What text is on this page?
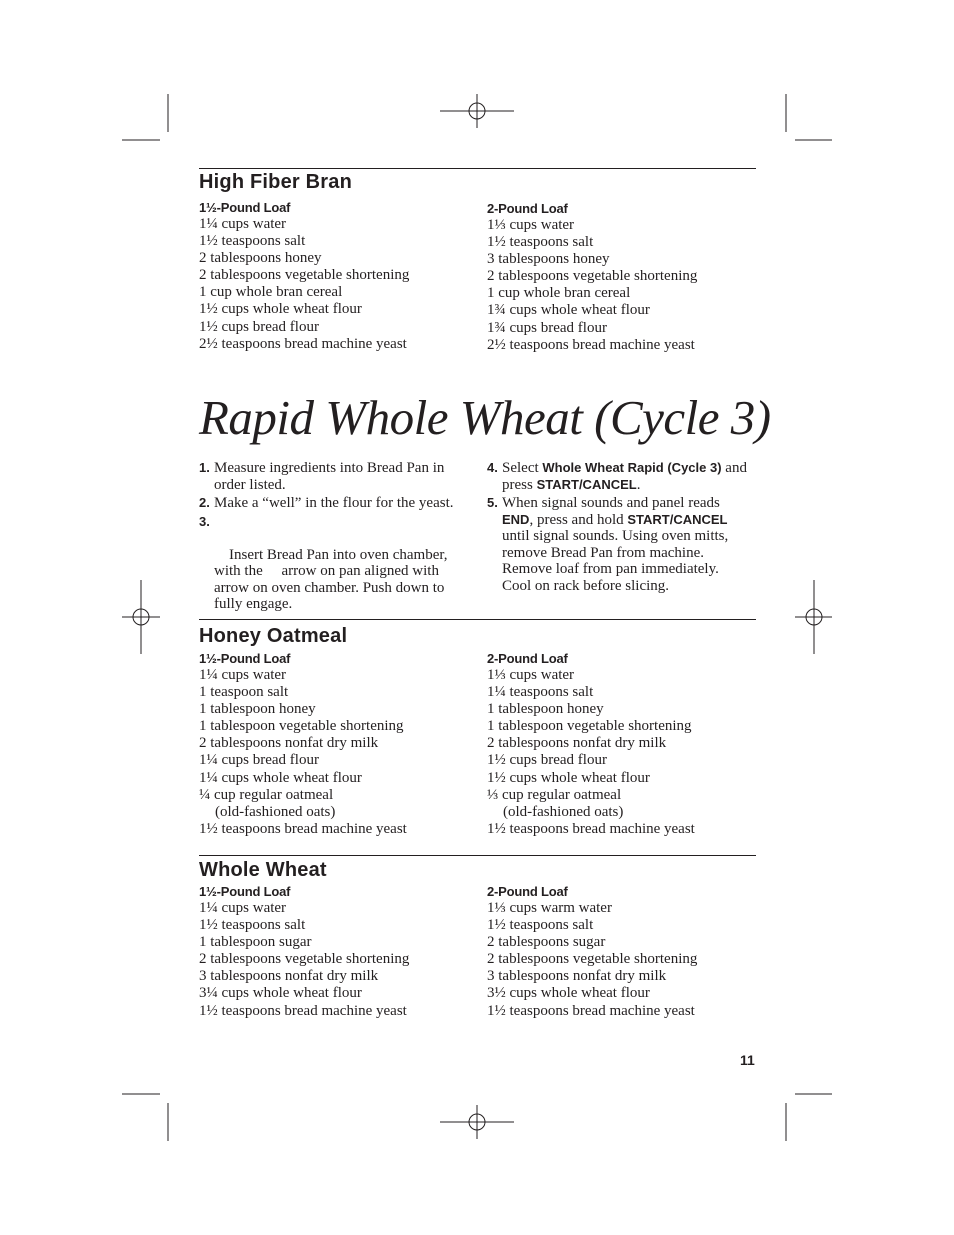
High Fiber Bran
1½-Pound Loaf
1¼ cups water
1½ teaspoons salt
2 tablespoons honey
2 tablespoons vegetable shortening
1 cup whole bran cereal
1½ cups whole wheat flour
1½ cups bread flour
2½ teaspoons bread machine yeast
2-Pound Loaf
1⅓ cups water
1½ teaspoons salt
3 tablespoons honey
2 tablespoons vegetable shortening
1 cup whole bran cereal
1¾ cups whole wheat flour
1¾ cups bread flour
2½ teaspoons bread machine yeast
Rapid Whole Wheat (Cycle 3)
1. Measure ingredients into Bread Pan in order listed.
2. Make a “well” in the flour for the yeast.

3.

Insert Bread Pan into oven chamber, with the     arrow on pan aligned with arrow on oven chamber. Push down to fully engage.

4. Select Whole Wheat Rapid (Cycle 3) and press START/CANCEL.
5. When signal sounds and panel reads END, press and hold START/CANCEL until signal sounds. Using oven mitts, remove Bread Pan from machine. Remove loaf from pan immediately. Cool on rack before slicing.
Honey Oatmeal
1½-Pound Loaf
1¼ cups water
1 teaspoon salt
1 tablespoon honey
1 tablespoon vegetable shortening
2 tablespoons nonfat dry milk
1¼ cups bread flour
1¼ cups whole wheat flour
¼ cup regular oatmeal
(old-fashioned oats)
1½ teaspoons bread machine yeast
2-Pound Loaf
1⅓ cups water
1¼ teaspoons salt
1 tablespoon honey
1 tablespoon vegetable shortening
2 tablespoons nonfat dry milk
1½ cups bread flour
1½ cups whole wheat flour
⅓ cup regular oatmeal
(old-fashioned oats)
1½ teaspoons bread machine yeast
Whole Wheat
1½-Pound Loaf
1¼ cups water
1½ teaspoons salt
1 tablespoon sugar
2 tablespoons vegetable shortening
3 tablespoons nonfat dry milk
3¼ cups whole wheat flour
1½ teaspoons bread machine yeast
2-Pound Loaf
1⅓ cups warm water
1½ teaspoons salt
2 tablespoons sugar
2 tablespoons vegetable shortening
3 tablespoons nonfat dry milk
3½ cups whole wheat flour
1½ teaspoons bread machine yeast
11
